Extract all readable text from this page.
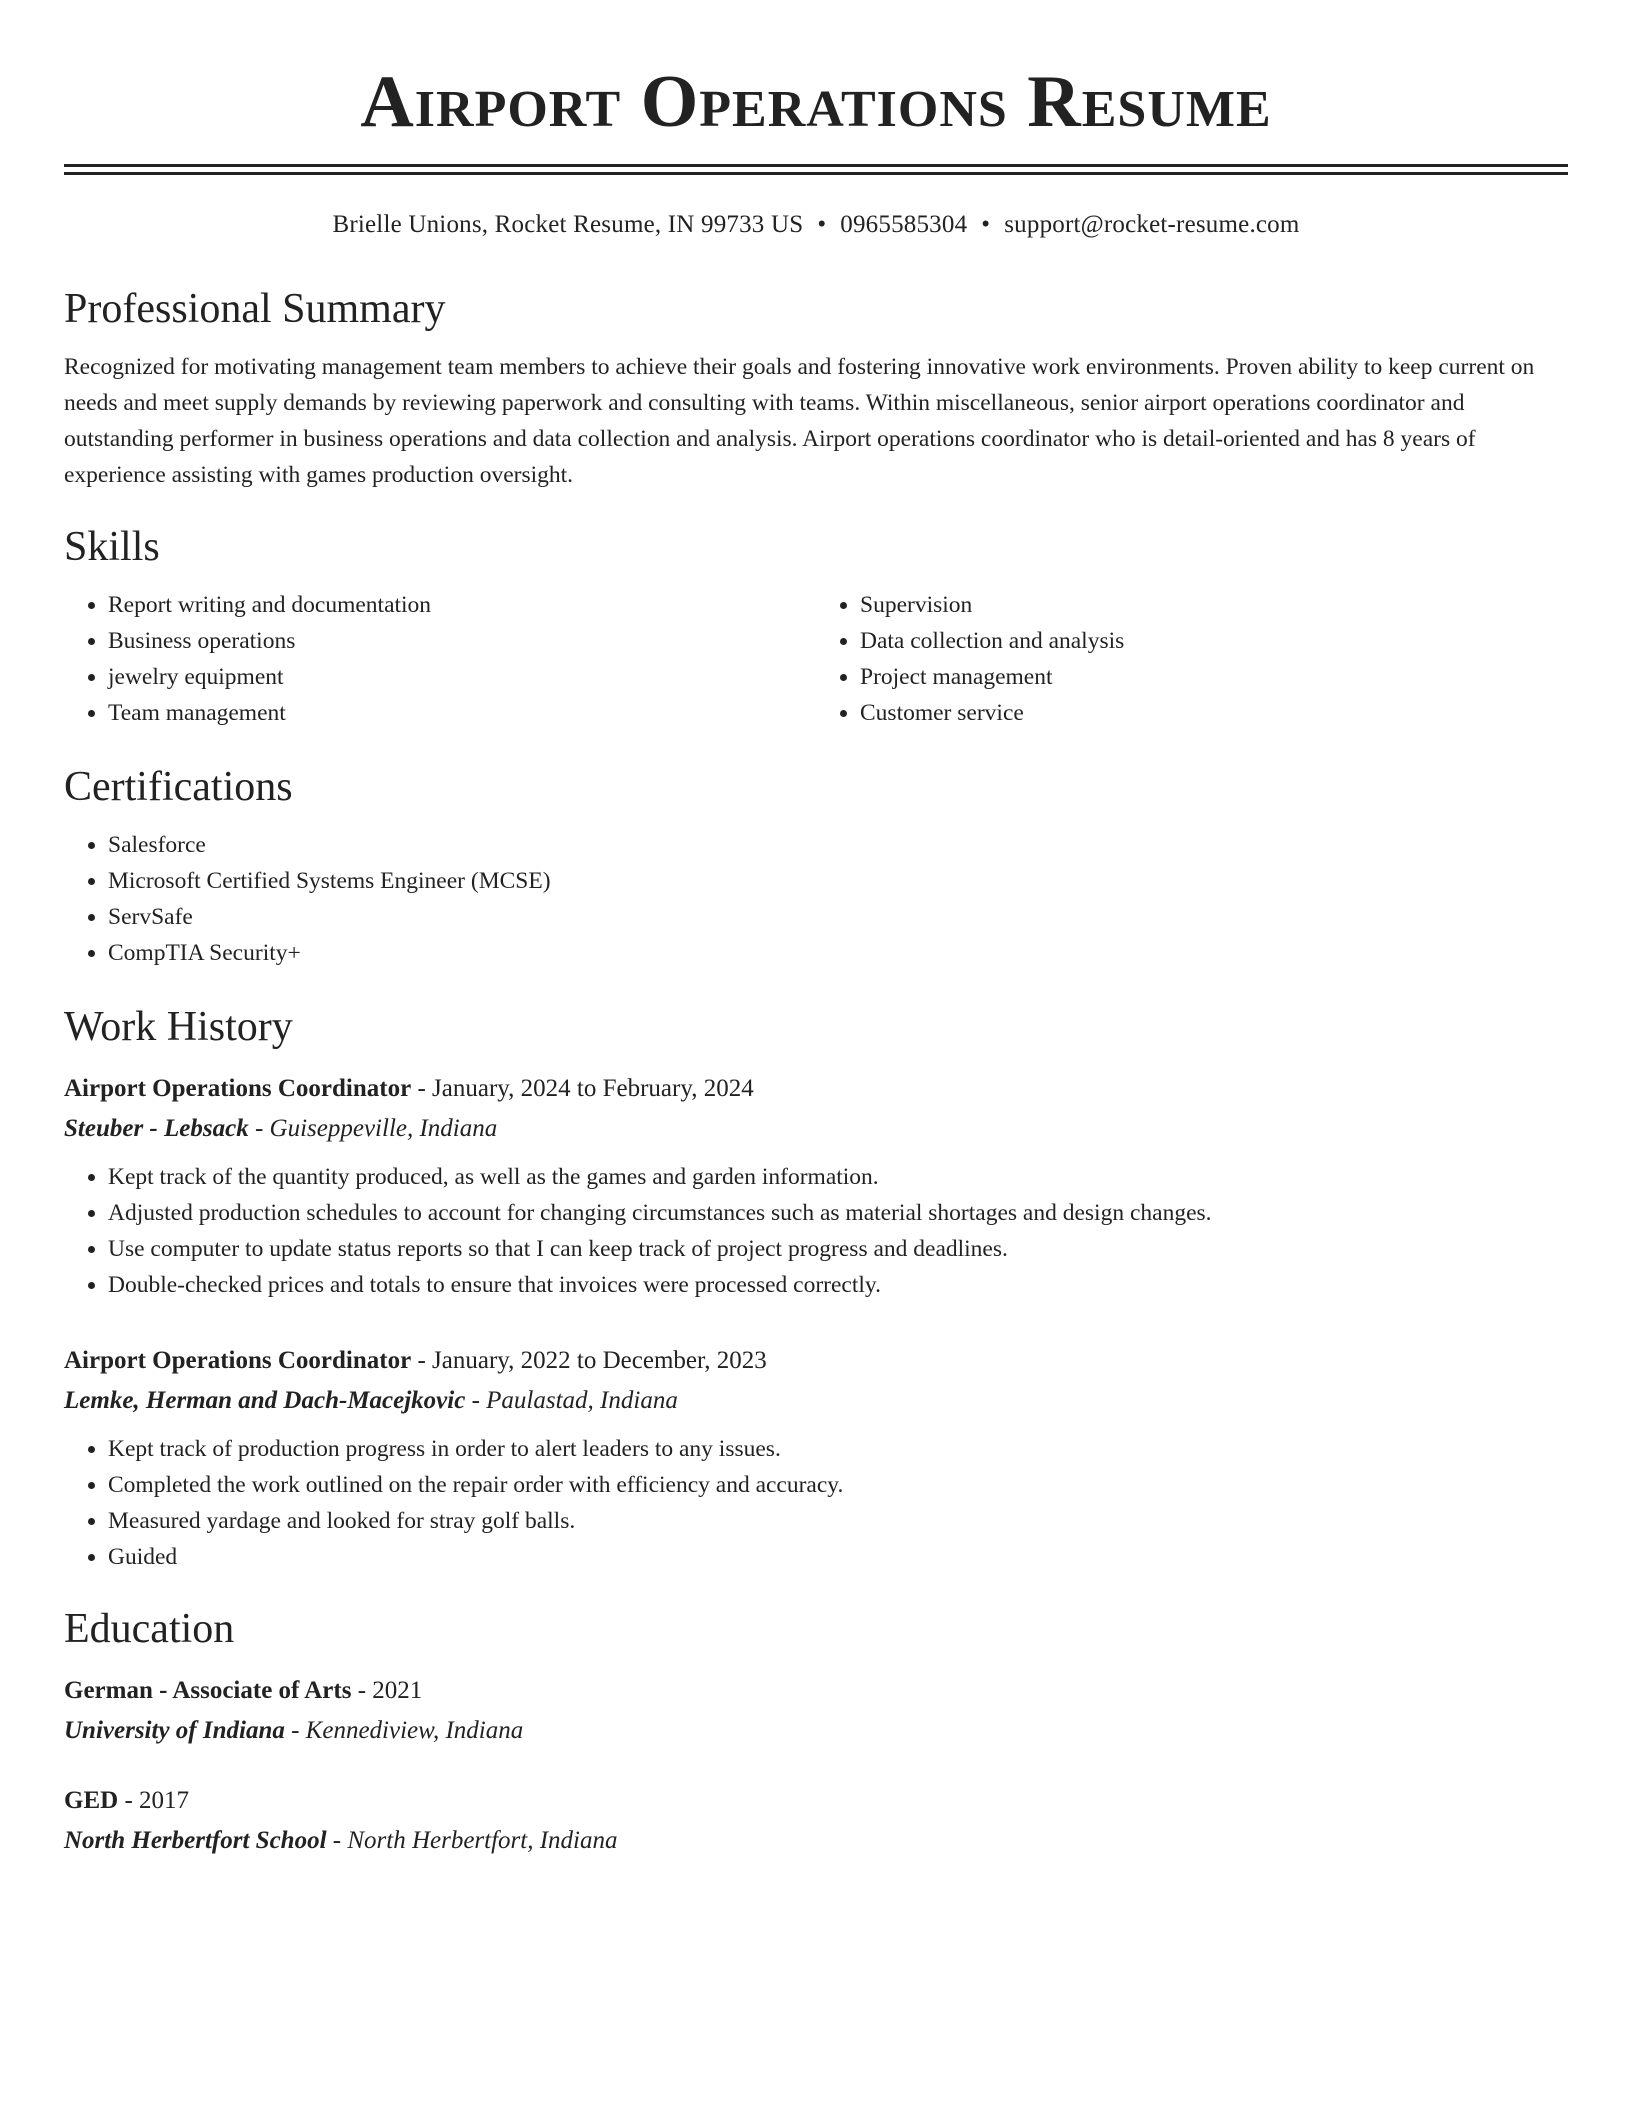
Airport Operations Resume
Brielle Unions, Rocket Resume, IN 99733 US • 0965585304 • support@rocket-resume.com
Professional Summary

Recognized for motivating management team members to achieve their goals and fostering innovative work environments. Proven ability to keep current on needs and meet supply demands by reviewing paperwork and consulting with teams. Within miscellaneous, senior airport operations coordinator and outstanding performer in business operations and data collection and analysis. Airport operations coordinator who is detail-oriented and has 8 years of experience assisting with games production oversight.

Skills
• Report writing and documentation
• Business operations
• jewelry equipment
• Team management
• Supervision
• Data collection and analysis
• Project management
• Customer service
Certifications
• Salesforce
• Microsoft Certified Systems Engineer (MCSE)
• ServSafe
• CompTIA Security+
Work History
Airport Operations Coordinator - January, 2024 to February, 2024
Steuber - Lebsack - Guiseppeville, Indiana
• Kept track of the quantity produced, as well as the games and garden information.
• Adjusted production schedules to account for changing circumstances such as material shortages and design changes.
• Use computer to update status reports so that I can keep track of project progress and deadlines.
• Double-checked prices and totals to ensure that invoices were processed correctly.
Airport Operations Coordinator - January, 2022 to December, 2023
Lemke, Herman and Dach-Macejkovic - Paulastad, Indiana
• Kept track of production progress in order to alert leaders to any issues.
• Completed the work outlined on the repair order with efficiency and accuracy.
• Measured yardage and looked for stray golf balls.
• Guided
Education
German - Associate of Arts - 2021
University of Indiana - Kennediview, Indiana
GED - 2017
North Herbertfort School - North Herbertfort, Indiana
